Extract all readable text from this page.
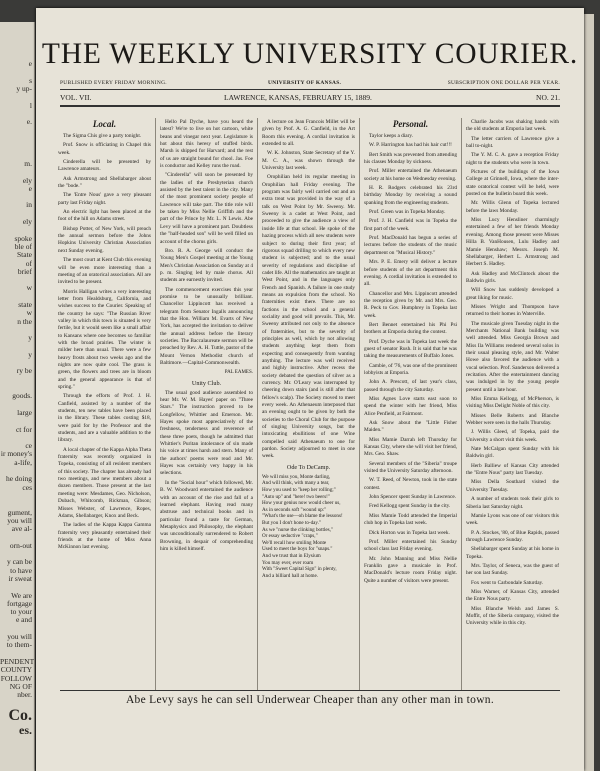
e
s
y up-
l
e.
m.
ely
e
in
ely
spoke
ble of
State
of
brief
w
state
w
n the
y
y
ry be
goods.
large
ct for
ce
ir money's
a-life,
he doing
ces
gument,
you will
ave al-
orn-out
y can be
to have
ir sweat
We are
fortgage
to your
e and
you will
to them-
PENDENT
COUNTY
FOLLOW
NG OF
nber.
Co.
es.
THE WEEKLY UNIVERSITY COURIER.
PUBLISHED EVERY FRIDAY MORNING.	UNIVERSITY OF KANSAS.	SUBSCRIPTION ONE DOLLAR PER YEAR.
VOL. VII.	LAWRENCE, KANSAS, FEBRUARY 15, 1889.	NO. 21.

Local.

The Sigma Chis give a party tonight.

Prof. Snow is officiating in Chapel this week.

Cinderella will be presented by Lawrence amateurs.

Ask Armstrong and Shellabarger about the "bode."

The 'Entre Nous' gave a very pleasant party last Friday night.

An electric light has been placed at the foot of the hill on Adams street.

Bishop Potter, of New York, will preach the annual sermon before the Johns Hopkins University Christian Association next Sunday evening.

The most court at Kent Club this evening will be even more interesting than a meeting of an oratorical association. All are invited to be present.

Morris Halligan writes a very interesting letter from Healdsburg, California, and wishes success to the Courier. Speaking of the country he says: "The Russian River valley in which this town is situated is very fertile, but it would seem like a small affair to Kansans where one becomes so familiar with the broad prairies. The winter is milder here than usual. There were a few heavy frosts about two weeks ago and the nights are now quite cool. The grass is green, the flowers and trees are in bloom and the general appearance is that of spring."

Through the efforts of Prof. J. H. Canfield, assisted by a number of the students, ten new tables have been placed in the library. These tables costing $18, were paid for by the Professor and the students, and are a valuable addition to the library.

A local chapter of the Kappa Alpha Theta fraternity was recently organized in Topeka, consisting of all resident members of this society. The chapter has already had two meetings, and new members about a dozen members. Those present at the last meeting were: Mesdames, Geo. Nicholson, Dubach, Whitcomb, Rickman, Gibson; Misses Webster, of Lawrence, Ropes, Adams, Shellabarger, Knox and Beck.

The ladies of the Kappa Kappa Gamma fraternity very pleasantly entertained their friends at the home of Miss Anna McKinnon last evening.

Hello Pal Dyche, have you heard the latest? We're to live on hot cartoon, white beans and vinegar next year. Legislature is hot about this heresy of stuffed birds. Marsh is shipped for Harvard; and the rest of us are straight bound for chool. Jas. Foe is conductor and Kelley runs the road.

"Cinderella" will soon be presented by the ladies of the Presbyterian church assisted by the best talent in the city. Many of the most prominent society people of Lawrence will take part. The title role will be taken by Miss Nellie Griffith and the part of the Prince by Mr. L. N Lewis. Abe Levy will have a prominent part. Doubtless the "half-headed son" will be well filled on account of the chorus girls.

Bro. R. A. George will conduct the Young Men's Gospel meeting at the Young Men's Christian Association on Sunday at 4 p. m. Singing led by male chorus. All students are earnestly invited.

The commencement exercises this year promise to be unusually brilliant. Chancellor Lippincott has received a telegram from Senator Ingalls announcing that the Hon. William M. Evarts of New York, has accepted the invitation to deliver the annual address before the literary societies. The Baccalaureate sermon will be preached by Rev. A. H. Tuttle, pastor of the Mount Vernon Methodist church of Baltimore.—Capital-Commonwealth.

PAL EAMES.

Unity Club.

The usual good audience assembled to hear Mr. W. M. Hayes' paper on "Three Stars." The instruction proved to be Longfellow, Whittier and Emerson. Mr. Hayes spoke most appreciatively of the freshness, tenderness and reverence of these three poets, though he admitted that Whittier's Puritan intolerance of sin made his voice at times harsh and stern. Many of the authors' poems were read and Mr. Hayes was certainly very happy in his selections.

In the "Social hour" which followed, Mr. B. W. Woodward entertained the audience with an account of the rise and fall of a learned elephant. Having read many abstruse and technical books and in particular found a taste for German, Metaphysics and Philosophy, the elephant was unconditionally surrendered to Robert Browning, in despair of comprehending him is killed himself.

A lecture on Jean Francois Millet will be given by Prof. A. G. Canfield, in the Art Room this evening. A cordial invitation is extended to all.

W. K. Johnston, State Secretary of the Y. M. C. A., was shown through the University last week.

Orophilian held its regular meeting in Orophilian hall Friday evening. The program was fairly well carried out and an extra treat was provided in the way of a talk on West Point by Mr. Sweeny. Mr. Sweeny is a cadet at West Point, and proceeded to give the audience a view of inside life at that school. He spoke of the hazing process which all new students were subject to during their first year; of rigorous squad drilling to which every new student is subjected; and to the usual severity of regulations and discipline of cadet life. All the mathematics are taught at West Point, and in the languages only French and Spanish. A failure in one study means an expulsion from the school. No fraternities exist there. There are no factions in the school and a general sociality and good will prevails. This, Mr. Sweeny attributed not only to the absence of fraternities, but to the severity of principles as well, which by not allowing students anything kept them from expecting and consequently from wanting anything. The lecture was well received and highly instructive. After recess the society debated the question of silver as a currency. Mr. O'Leary was interrupted by cheering down stairs (and is still after that fellow's scalp). The Society moved to meet every week. An Athenaeum interposed that an evening ought to be given by both the societies to the Choral Club for the purpose of singing University songs, but the intoxicating ebullitions of one Wine compelled said Athenaeum to one for pardon. Society adjourned to meet in one week.

Ode To DeCamp.

We will miss you, Monte darling,

And will think, with many a tear,

How you used to "keep her rolling;"

"Auto up" and "here! two beers!"

How your genius now would cheer us,

As in seconds soft "wound up:"

"What's the use—oh blame the lessons!

But you I don't hone to-day."

As we "nurse the clinking bottles,"

Or essay seductive "craps,"

We'll recall how smiling Monte

Used to meet the boys for "snaps."

And we trust that in Elysium

You may ever, ever roam

With "Sweet Capital Sign" in plenty,

And a billiard hall at home.

Personal.

Taylor keeps a diary.

W. P. Harrington has had his hair cut!!!

Bert Smith was prevented from attending his classes Monday by sickness.

Prof. Miller entertained the Athenaeum society at his home on Wednesday evening.

H. R. Rodgers celebrated his 23rd birthday Monday by receiving a sound spanking from the engineering students.

Prof. Green was in Topeka Monday.

Prof. J. H. Canfield was in Topeka the first part of the week.

Prof. MacDonald has begun a series of lectures before the students of the music department on "Musical History."

Mrs. P. E. Emery will deliver a lecture before students of the art department this evening. A cordial invitation is extended to all.

Chancellor and Mrs. Lippincott attended the reception given by Mr. and Mrs. Geo. R. Peck to Gov. Humphrey in Topeka last week.

Bert Bennet entertained his Phi Psi brothers at Emporia during the contest.

Prof. Dyche was in Topeka last week the guest of senator Rush. It is said that he was taking the measurements of Buffalo Jones.

Cambie, of '76, was one of the prominent lobbyists at Emporia.

John A. Prescott, of last year's class, passed through the city Saturday.

Miss Agnes Love starts east soon to spend the winter with her friend, Miss Alice Penfield, at Fairmont.

Ask Snow about the "Little Fisher Maiden."

Miss Mamie Darrah left Thursday for Kansas City, where she will visit her friend, Mrs. Geo. Shaw.

Several members of the "Siberia" troupe visited the University Saturday afternoon.

W. T. Reed, of Newton, took in the state contest.

John Spencer spent Sunday in Lawrence.

Fred Kellogg spent Sunday in the city.

Miss Mamie Todd attended the Imperial club hop in Topeka last week.

Dick Horton was in Topeka last week.

Prof. Miller entertained his Sunday school class last Friday evening.

Mr. John Manning and Miss Nellie Franklin gave a musicale in Prof. MacDonald's lecture room Friday night. Quite a number of visitors were present.

Charlie Jacobs was shaking hands with the old students at Emporia last week.

The letter carriers of Lawrence give a ball to-night.

The Y. M. C. A. gave a reception Friday night to the students who were in town.

Pictures of the buildings of the Iowa College at Grinnell, Iowa, where the inter-state oratorical contest will be held, were posted on the bulletin board this week.

Mr. Willis Glenn of Topeka lectured before the laws Monday.

Miss Lucy Hensliner charmingly entertained a few of her friends Monday evening. Among those present were Misses Hilla B. VanHousen, Lulu Hadley and Mamie Henshaw; Messrs. Joseph M. Shellabarger, Herbert L. Armstrong and Herbert S. Hadley.

Ask Hadley and McClintock about the Baldwin girls.

Will Snow has suddenly developed a great liking for music.

Misses Wright and Thompson have returned to their homes in Waterville.

The musicale given Tuesday night in the Merchants National Bank building was well attended. Miss Georgia Brown and Miss Ila Williams rendered several solos in their usual pleasing style, and Mr. Walter Howe also favored the audience with a vocal selection. Prof. Sanderson delivered a recitation. After the entertainment dancing was indulged in by the young people present until a late hour.

Miss Emma Kellogg, of McPherson, is visiting Miss Delight Noble of this city.

Misses Belle Roberts and Blanche Webber were seen in the halls Thursday.

J. Willis Gleed, of Topeka, paid the University a short visit this week.

Nate McCalgan spent Sunday with his Baldwin girl.

Herb Balliew of Kansas City attended the "Entre Nous" party last Tuesday.

Miss Della Southard visited the University Tuesday.

A number of students took their girls to Siberia last Saturday night.

Mamie Lyons was one of our visitors this week.

P. A. Stockes, '80, of Blue Rapids, passed through Lawrence Sunday.

Shellabarger spent Sunday at his home in Topeka.

Mrs. Taylor, of Seneca, was the guest of her son last Sunday.

Fox went to Carbondale Saturday.

Miss Warner, of Kansas City, attended the Entre Nous party.

Miss Blanche Welsh and James S. Moffit, of the Siberia company, visited the University while in this city.

Abe Levy says he can sell Underwear Cheaper than any other man in town.
